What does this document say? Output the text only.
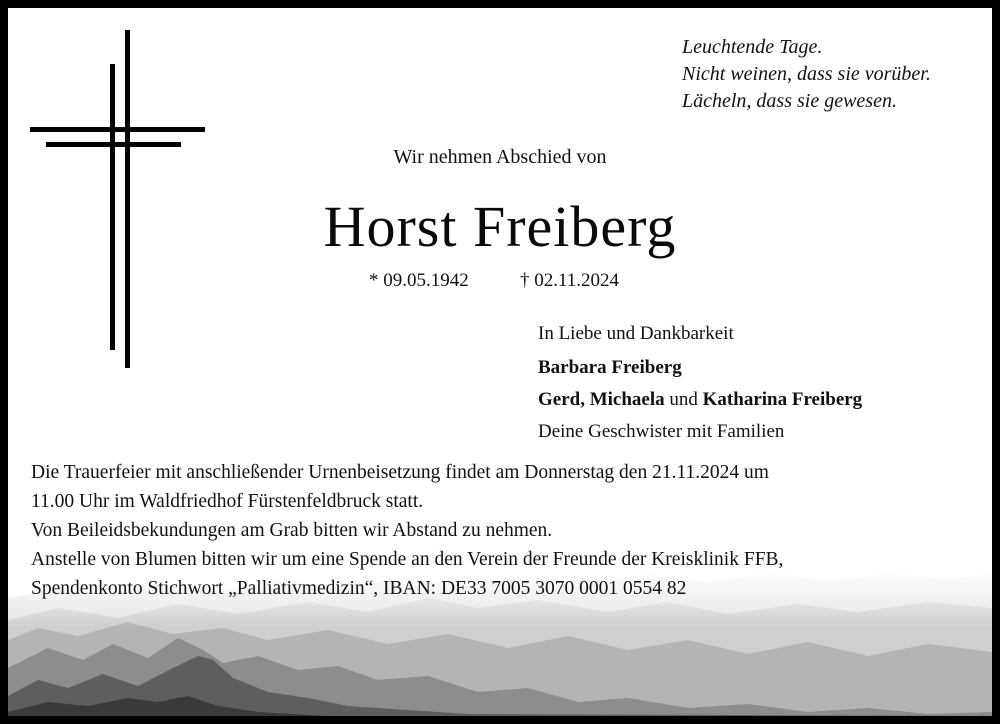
Leuchtende Tage.
Nicht weinen, dass sie vorüber.
Lächeln, dass sie gewesen.
Wir nehmen Abschied von
Horst Freiberg
* 09.05.1942	† 02.11.2024
In Liebe und Dankbarkeit
Barbara Freiberg
Gerd, Michaela und Katharina Freiberg
Deine Geschwister mit Familien
Die Trauerfeier mit anschließender Urnenbeisetzung findet am Donnerstag den 21.11.2024 um
11.00 Uhr im Waldfriedhof Fürstenfeldbruck statt.
Von Beileidsbekundungen am Grab bitten wir Abstand zu nehmen.
Anstelle von Blumen bitten wir um eine Spende an den Verein der Freunde der Kreisklinik FFB,
Spendenkonto Stichwort „Palliativmedizin“, IBAN: DE33 7005 3070 0001 0554 82
